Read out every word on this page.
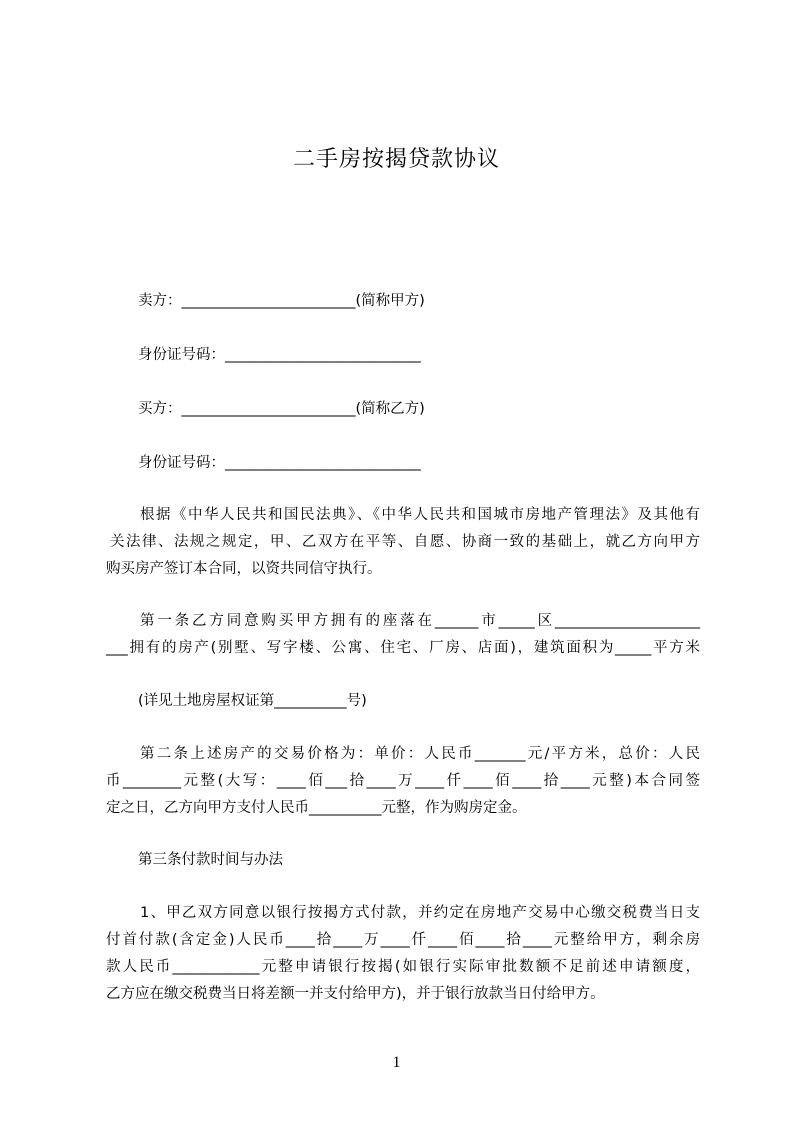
二手房按揭贷款协议
卖方：________________________(简称甲方)
身份证号码：___________________________
买方：________________________(简称乙方)
身份证号码：___________________________
根据《中华人民共和国民法典》、《中华人民共和国城市房地产管理法》及其他有
关法律、法规之规定，甲、乙双方在平等、自愿、协商一致的基础上，就乙方向甲方
购买房产签订本合同，以资共同信守执行。
第一条乙方同意购买甲方拥有的座落在______市_____区____________________
___拥有的房产(别墅、写字楼、公寓、住宅、厂房、店面)，建筑面积为_____平方米
(详见土地房屋权证第__________号)
第二条上述房产的交易价格为：单价：人民币_______元/平方米，总价：人民
币________元整(大写：____佰___拾____万____仟____佰____拾____元整)本合同签
定之日，乙方向甲方支付人民币__________元整，作为购房定金。
第三条付款时间与办法
1、甲乙双方同意以银行按揭方式付款，并约定在房地产交易中心缴交税费当日支
付首付款(含定金)人民币____拾____万____仟____佰____拾____元整给甲方，剩余房
款人民币____________元整申请银行按揭(如银行实际审批数额不足前述申请额度，
乙方应在缴交税费当日将差额一并支付给甲方)，并于银行放款当日付给甲方。
1
